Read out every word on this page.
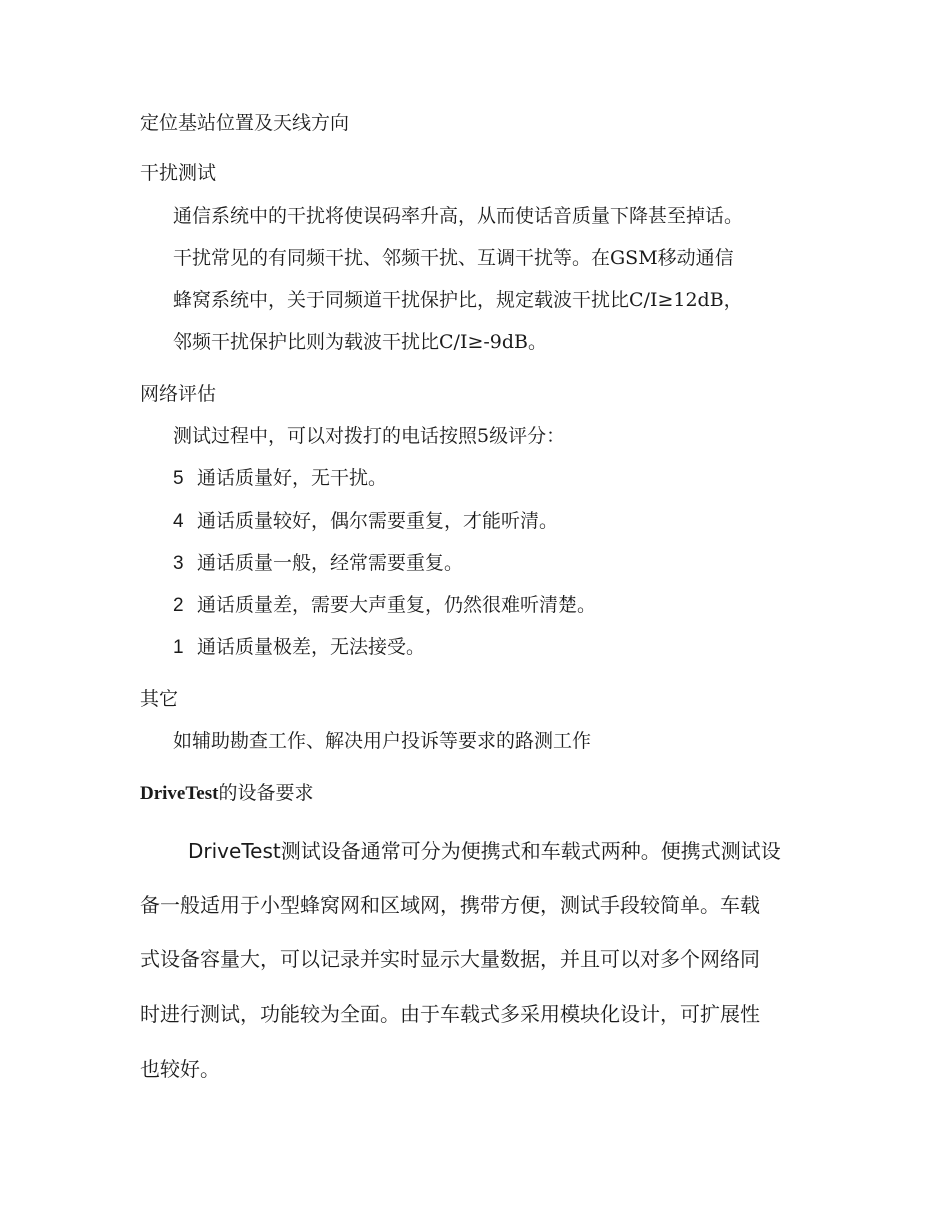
定位基站位置及天线方向

干扰测试

通信系统中的干扰将使误码率升高，从而使话音质量下降甚至掉话。

干扰常见的有同频干扰、邻频干扰、互调干扰等。在GSM移动通信

蜂窝系统中，关于同频道干扰保护比，规定载波干扰比C/I≥12dB，

邻频干扰保护比则为载波干扰比C/I≥-9dB。

网络评估

测试过程中，可以对拨打的电话按照5级评分：

5 通话质量好，无干扰。

4 通话质量较好，偶尔需要重复，才能听清。

3 通话质量一般，经常需要重复。

2 通话质量差，需要大声重复，仍然很难听清楚。

1 通话质量极差，无法接受。

其它

如辅助勘查工作、解决用户投诉等要求的路测工作

DriveTest的设备要求

DriveTest测试设备通常可分为便携式和车载式两种。便携式测试设

备一般适用于小型蜂窝网和区域网，携带方便，测试手段较简单。车载

式设备容量大，可以记录并实时显示大量数据，并且可以对多个网络同

时进行测试，功能较为全面。由于车载式多采用模块化设计，可扩展性

也较好。
